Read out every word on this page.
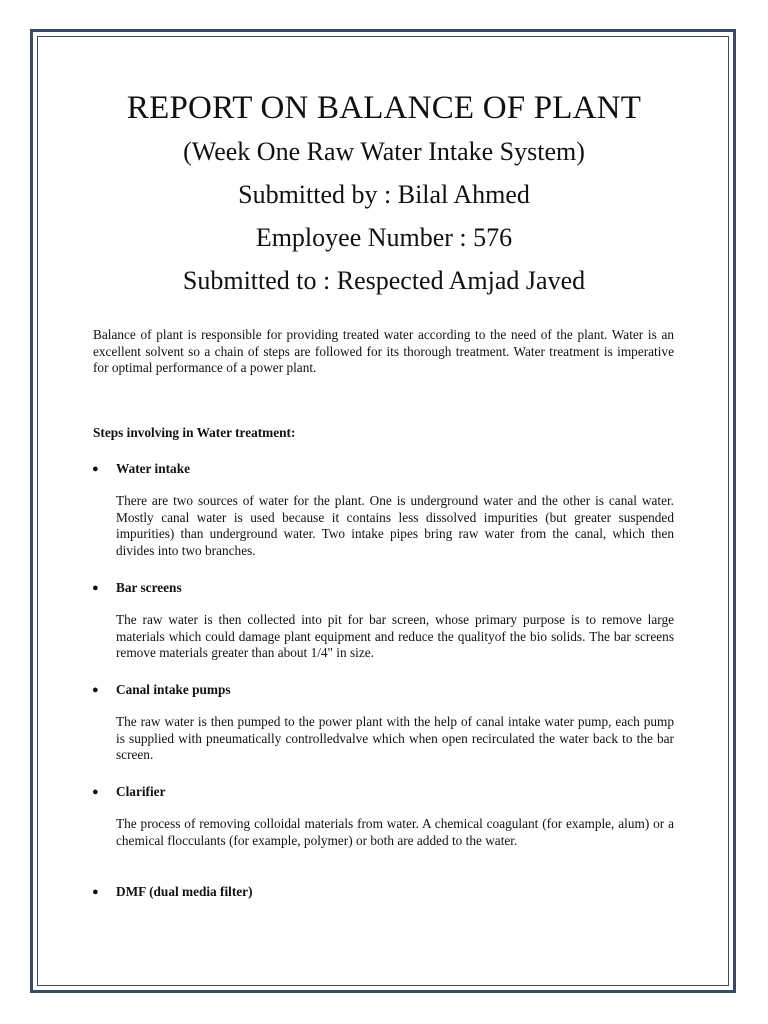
REPORT ON BALANCE OF PLANT

(Week One Raw Water Intake System)

Submitted by : Bilal Ahmed

Employee Number : 576

Submitted to : Respected Amjad Javed

Balance of plant is responsible for providing treated water according to the need of the plant. Water is an excellent solvent so a chain of steps are followed for its thorough treatment. Water treatment is imperative for optimal performance of a power plant.

Steps involving in Water treatment:

● Water intake

There are two sources of water for the plant. One is underground water and the other is canal water. Mostly canal water is used because it contains less dissolved impurities (but greater suspended impurities) than underground water. Two intake pipes bring raw water from the canal, which then divides into two branches.

● Bar screens

The raw water is then collected into pit for bar screen, whose primary purpose is to remove large materials which could damage plant equipment and reduce the qualityof the bio solids. The bar screens remove materials greater than about 1/4" in size.

● Canal intake pumps

The raw water is then pumped to the power plant with the help of canal intake water pump, each pump is supplied with pneumatically controlledvalve which when open recirculated the water back to the bar screen.

● Clarifier

The process of removing colloidal materials from water. A chemical coagulant (for example, alum) or a chemical flocculants (for example, polymer) or both are added to the water.

● DMF (dual media filter)
